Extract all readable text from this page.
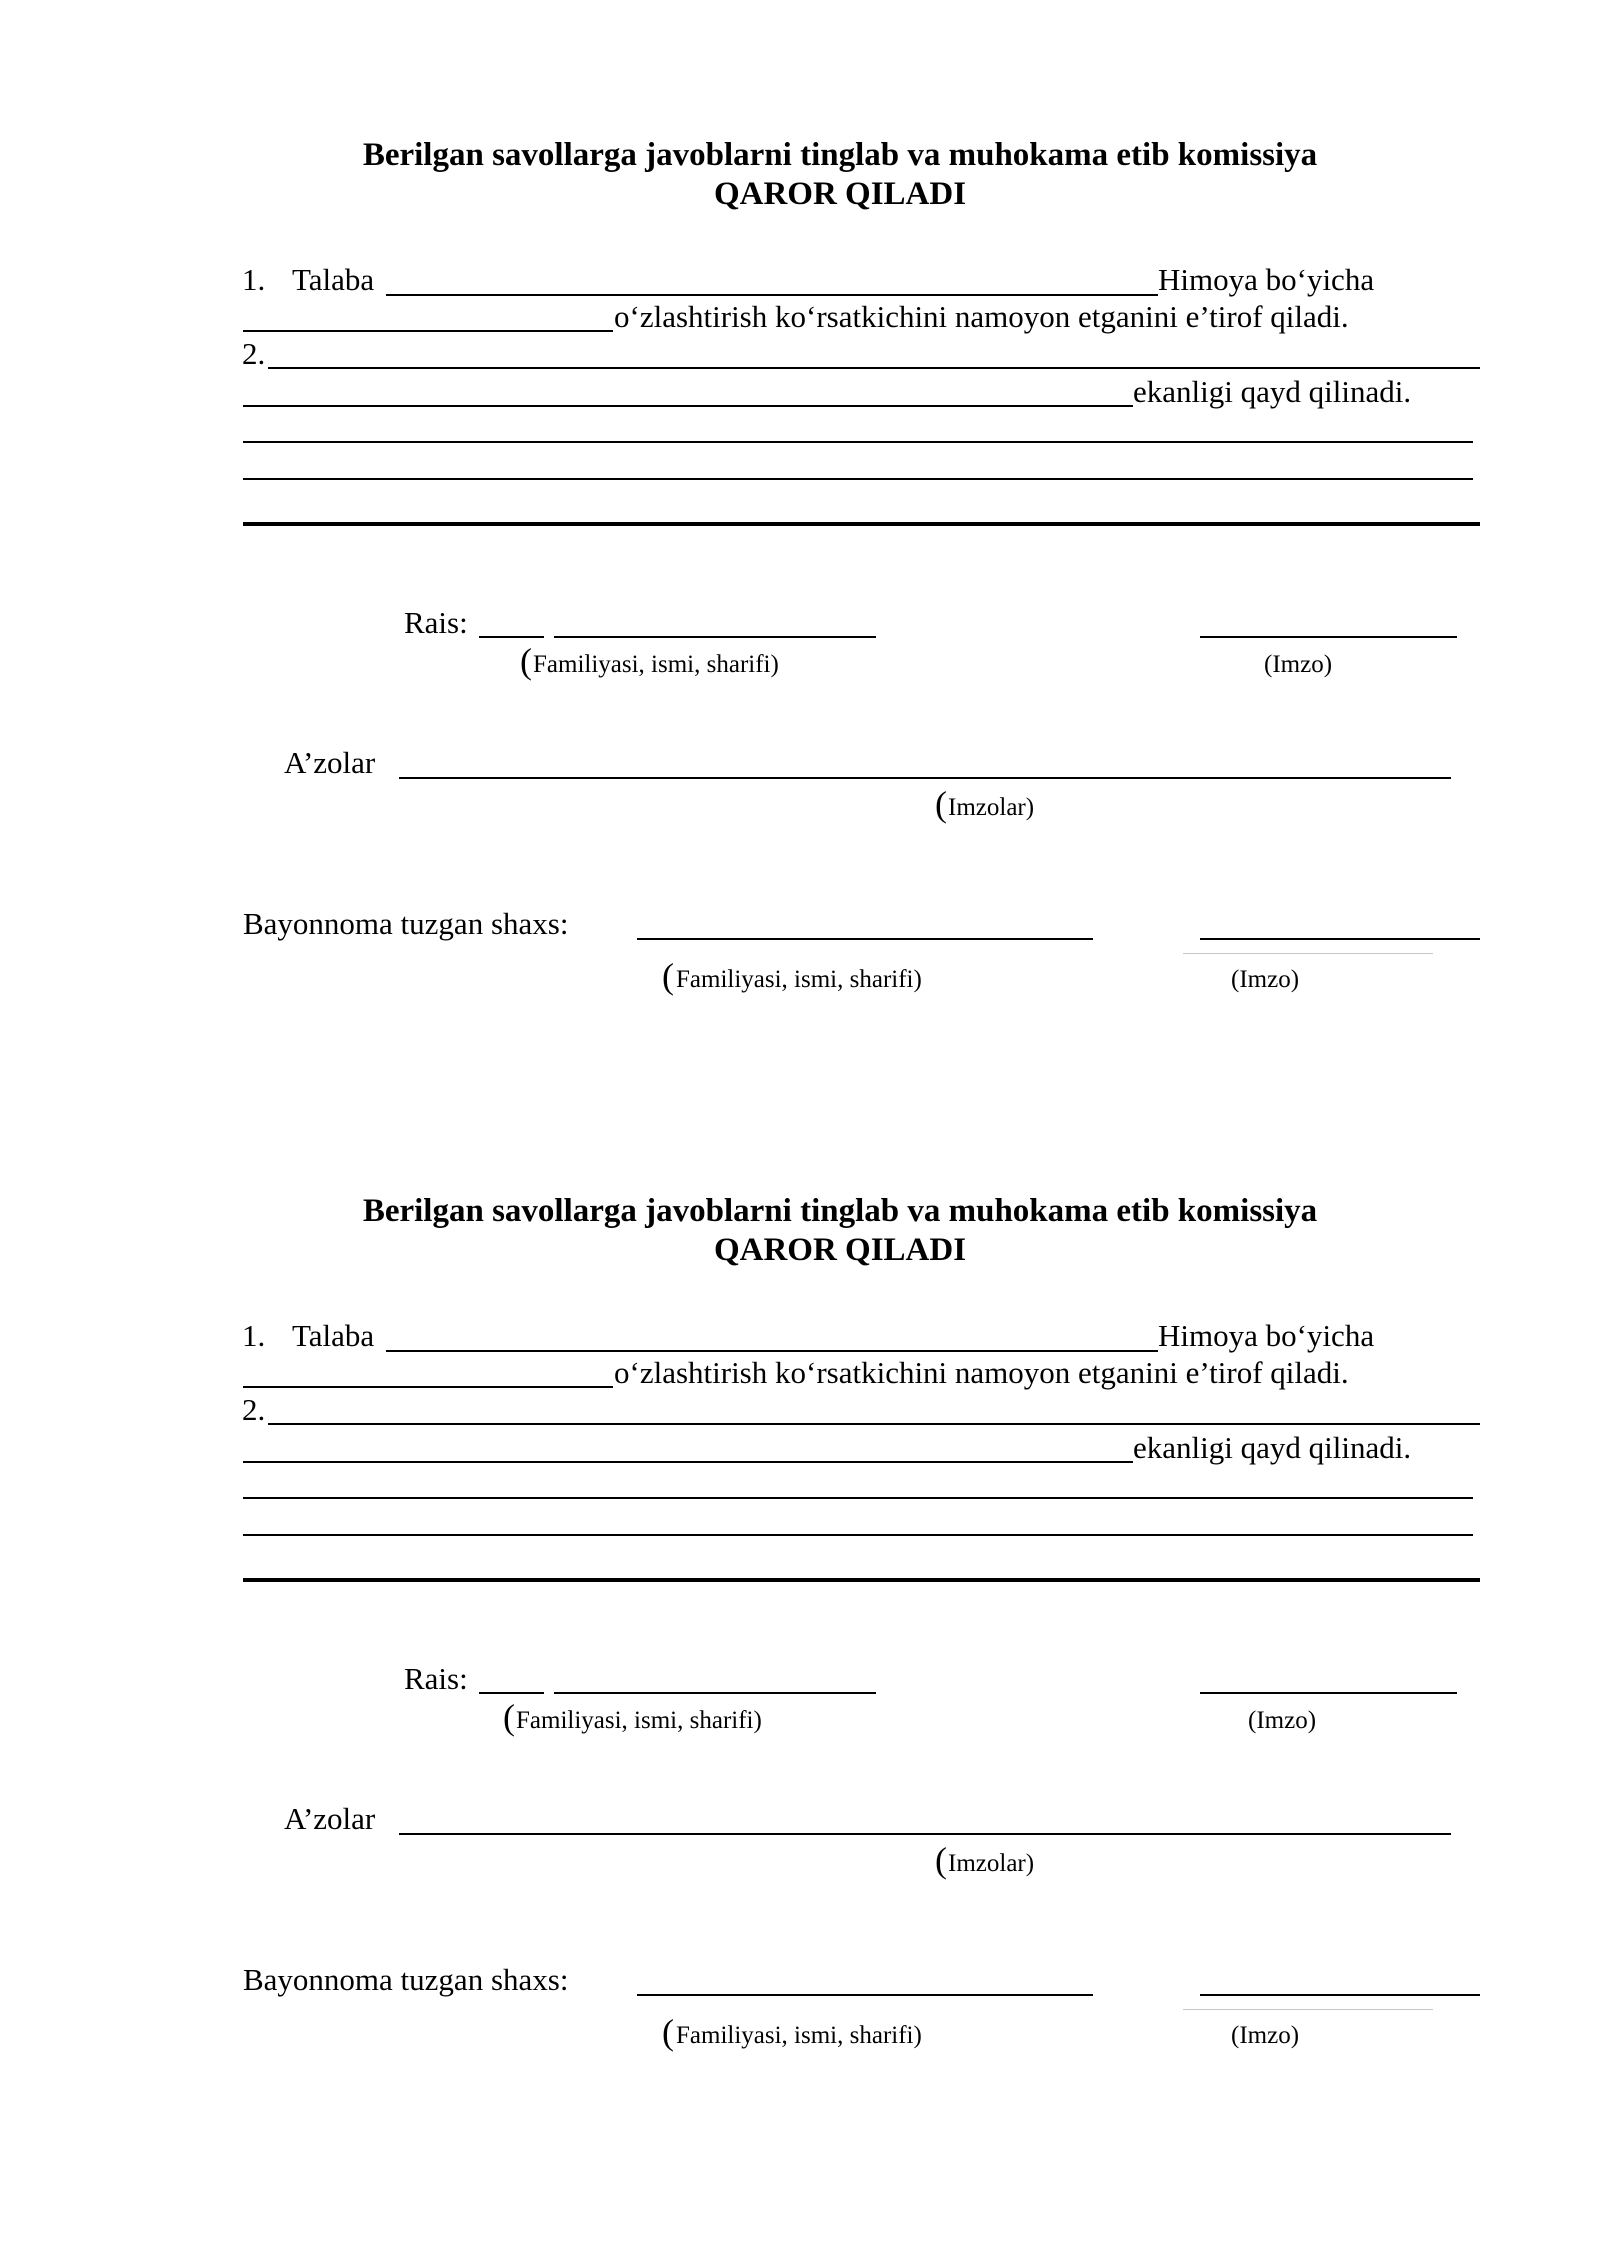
Berilgan savollarga javoblarni tinglab va muhokama etib komissiya
QAROR QILADI
1. Talaba	Himoya bo‘yicha
o‘zlashtirish ko‘rsatkichini namoyon etganini e’tirof qiladi.
2.
ekanligi qayd qilinadi.
Rais:
( Familiyasi, ismi, sharifi)	(Imzo)
A’zolar
( Imzolar)
Bayonnoma tuzgan shaxs:
( Familiyasi, ismi, sharifi)	(Imzo)
Berilgan savollarga javoblarni tinglab va muhokama etib komissiya
QAROR QILADI
1. Talaba	Himoya bo‘yicha
o‘zlashtirish ko‘rsatkichini namoyon etganini e’tirof qiladi.
2.
ekanligi qayd qilinadi.
Rais:
( Familiyasi, ismi, sharifi)	(Imzo)
A’zolar
( Imzolar)
Bayonnoma tuzgan shaxs:
( Familiyasi, ismi, sharifi)	(Imzo)
